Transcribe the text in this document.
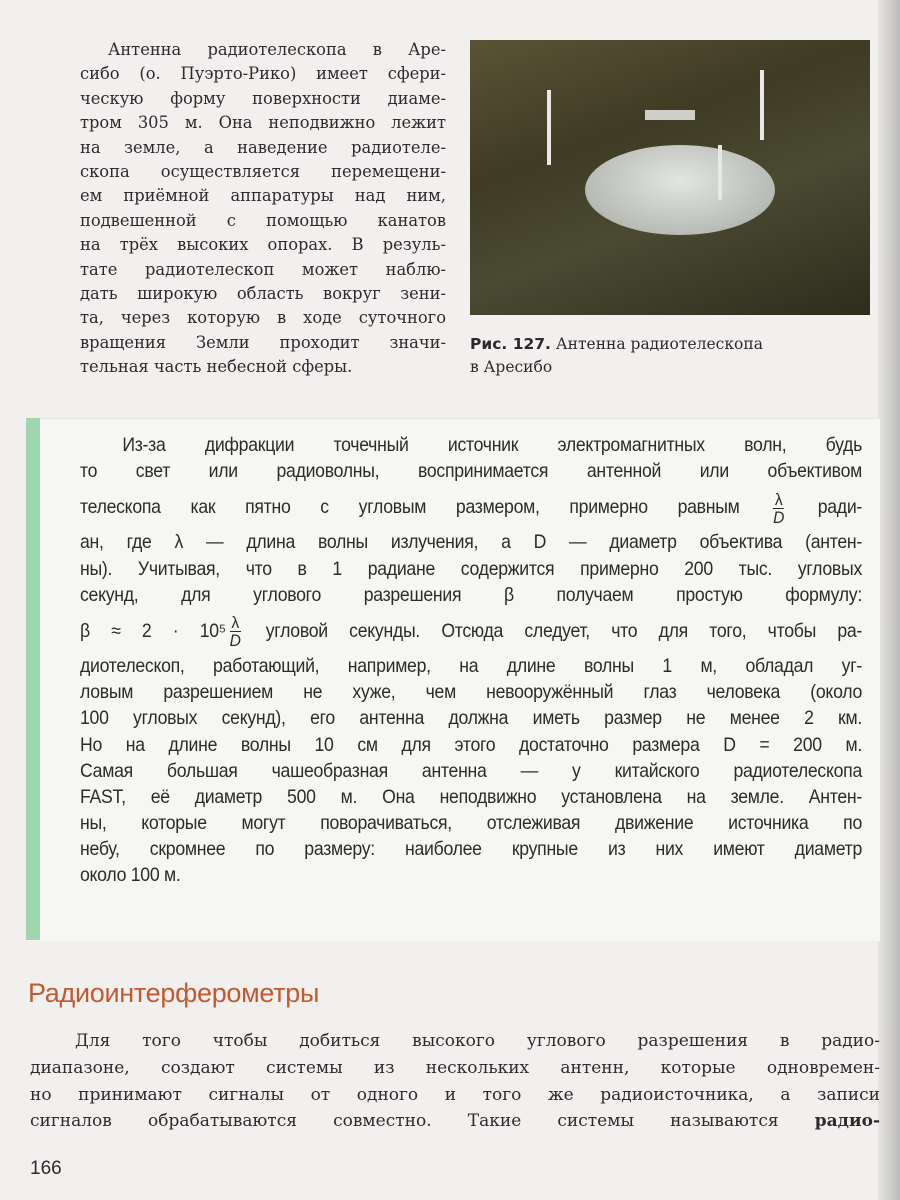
Антенна радиотелескопа в Аре-
сибо (о. Пуэрто-Рико) имеет сфери-
ческую форму поверхности диаме-
тром 305 м. Она неподвижно лежит
на земле, а наведение радиотеле-
скопа осуществляется перемещени-
ем приёмной аппаратуры над ним,
подвешенной с помощью канатов
на трёх высоких опорах. В резуль-
тате радиотелескоп может наблю-
дать широкую область вокруг зени-
та, через которую в ходе суточного
вращения Земли проходит значи-
тельная часть небесной сферы.
Рис. 127. Антенна радиотелескопа
в Аресибо
Из-за дифракции точечный источник электромагнитных волн, будь
то свет или радиоволны, воспринимается антенной или объективом
телескопа как пятно с угловым размером, примерно равным $\frac{\lambda}{D}$ ради-
ан, где λ — длина волны излучения, а D — диаметр объектива (антен-
ны). Учитывая, что в 1 радиане содержится примерно 200 тыс. угловых
секунд, для углового разрешения β получаем простую формулу:
$\beta \approx 2 \cdot 10^5 \frac{\lambda}{D}$ угловой секунды. Отсюда следует, что для того, чтобы ра-
диотелескоп, работающий, например, на длине волны 1 м, обладал уг-
ловым разрешением не хуже, чем невооружённый глаз человека (около
100 угловых секунд), его антенна должна иметь размер не менее 2 км.
Но на длине волны 10 см для этого достаточно размера D = 200 м.
Самая большая чашеобразная антенна — у китайского радиотелескопа
FAST, её диаметр 500 м. Она неподвижно установлена на земле. Антен-
ны, которые могут поворачиваться, отслеживая движение источника по
небу, скромнее по размеру: наиболее крупные из них имеют диаметр
около 100 м.
Радиоинтерферометры
Для того чтобы добиться высокого углового разрешения в радио-
диапазоне, создают системы из нескольких антенн, которые одновремен-
но принимают сигналы от одного и того же радиоисточника, а записи
сигналов обрабатываются совместно. Такие системы называются радио-
166
